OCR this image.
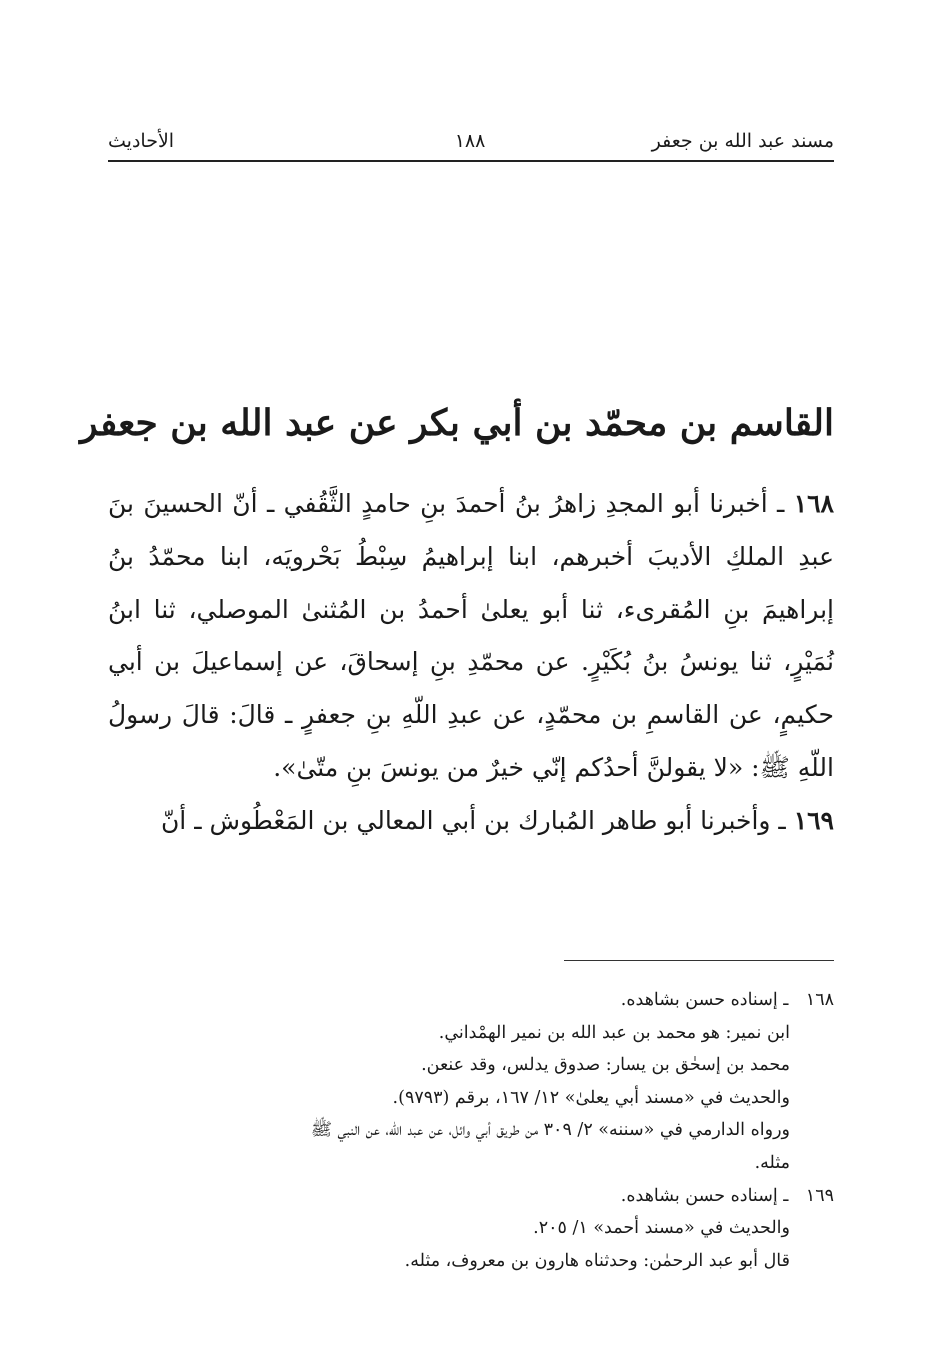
مسند عبد الله بن جعفر
١٨٨
الأحاديث
القاسم بن محمّد بن أبي بكر عن عبد الله بن جعفر

١٦٨ ـ أخبرنا أبو المجدِ زاهرُ بنُ أحمدَ بنِ حامدٍ الثَّقُفي ـ أنّ الحسينَ بنَ عبدِ الملكِ الأديبَ أخبرهم، ابنا إبراهيمُ سِبْطُ بَحْرويَه، ابنا محمّدُ بنُ إبراهيمَ بنِ المُقرىء، ثنا أبو يعلىٰ أحمدُ بن المُثنىٰ الموصلي، ثنا ابنُ نُمَيْرٍ، ثنا يونسُ بنُ بُكَيْرٍ. عن محمّدِ بنِ إسحاقَ، عن إسماعيلَ بن أبي حكيمٍ، عن القاسمِ بن محمّدٍ، عن عبدِ اللّهِ بنِ جعفرٍ ـ قالَ: قالَ رسولُ اللّهِ ﷺ: «لا يقولنَّ أحدُكم إنّي خيرٌ من يونسَ بنِ متّىٰ».

١٦٩ ـ وأخبرنا أبو طاهر المُبارك بن أبي المعالي بن المَعْطُوش ـ أنّ

١٦٨ ـ إسناده حسن بشاهده.

ابن نمير: هو محمد بن عبد الله بن نمير الهمْداني.

محمد بن إسحٰق بن يسار: صدوق يدلس، وقد عنعن.

والحديث في «مسند أبي يعلىٰ» ١٢/ ١٦٧، برقم (٩٧٩٣).

ورواه الدارمي في «سننه» ٢/ ٣٠٩ من طريق أبي وائل، عن عبد الله، عن النبي ﷺ

مثله.

١٦٩ ـ إسناده حسن بشاهده.

والحديث في «مسند أحمد» ١/ ٢٠٥.

قال أبو عبد الرحمٰن: وحدثناه هارون بن معروف، مثله.
